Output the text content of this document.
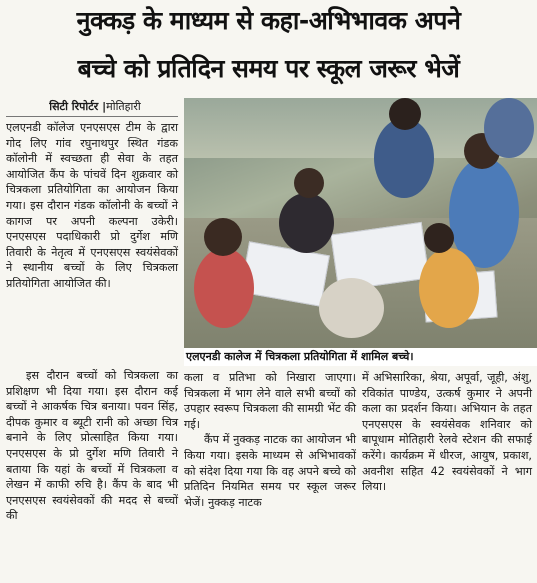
नुक्कड़ के माध्यम से कहा-अभिभावक अपने
बच्चे को प्रतिदिन समय पर स्कूल जरूर भेजें
सिटी रिपोर्टर |मोतिहारी

एलएनडी कॉलेज एनएसएस टीम के द्वारा गोद लिए गांव रघुनाथपुर स्थित गंडक कॉलोनी में स्वच्छता ही सेवा के तहत आयोजित कैंप के पांचवें दिन शुक्रवार को चित्रकला प्रतियोगिता का आयोजन किया गया। इस दौरान गंडक कॉलोनी के बच्चों ने कागज पर अपनी कल्पना उकेरी। एनएसएस पदाधिकारी प्रो दुर्गेश मणि तिवारी के नेतृत्व में एनएसएस स्वयंसेवकों ने स्थानीय बच्चों के लिए चित्रकला प्रतियोगिता आयोजित की।

एलएनडी कालेज में चित्रकला प्रतियोगिता में शामिल बच्चे।

इस दौरान बच्चों को चित्रकला का प्रशिक्षण भी दिया गया। इस दौरान कई बच्चों ने आकर्षक चित्र बनाया। पवन सिंह, दीपक कुमार व ब्यूटी रानी को अच्छा चित्र बनाने के लिए प्रोत्साहित किया गया। एनएसएस के प्रो दुर्गेश मणि तिवारी ने बताया कि यहां के बच्चों में चित्रकला व लेखन में काफी रुचि है। कैंप के बाद भी एनएसएस स्वयंसेवकों की मदद से बच्चों की

कला व प्रतिभा को निखारा जाएगा। चित्रकला में भाग लेने वाले सभी बच्चों को उपहार स्वरूप चित्रकला की सामग्री भेंट की गई।

कैंप में नुक्कड़ नाटक का आयोजन भी किया गया। इसके माध्यम से अभिभावकों को संदेश दिया गया कि वह अपने बच्चे को प्रतिदिन नियमित समय पर स्कूल जरूर भेजें। नुक्कड़ नाटक

में अभिसारिका, श्रेया, अपूर्वा, जूही, अंशु, रविकांत पाण्डेय, उत्कर्ष कुमार ने अपनी कला का प्रदर्शन किया। अभियान के तहत एनएसएस के स्वयंसेवक शनिवार को बापूधाम मोतिहारी रेलवे स्टेशन की सफाई करेंगे। कार्यक्रम में धीरज, आयुष, प्रकाश, अवनीश सहित 42 स्वयंसेवकों ने भाग लिया।
